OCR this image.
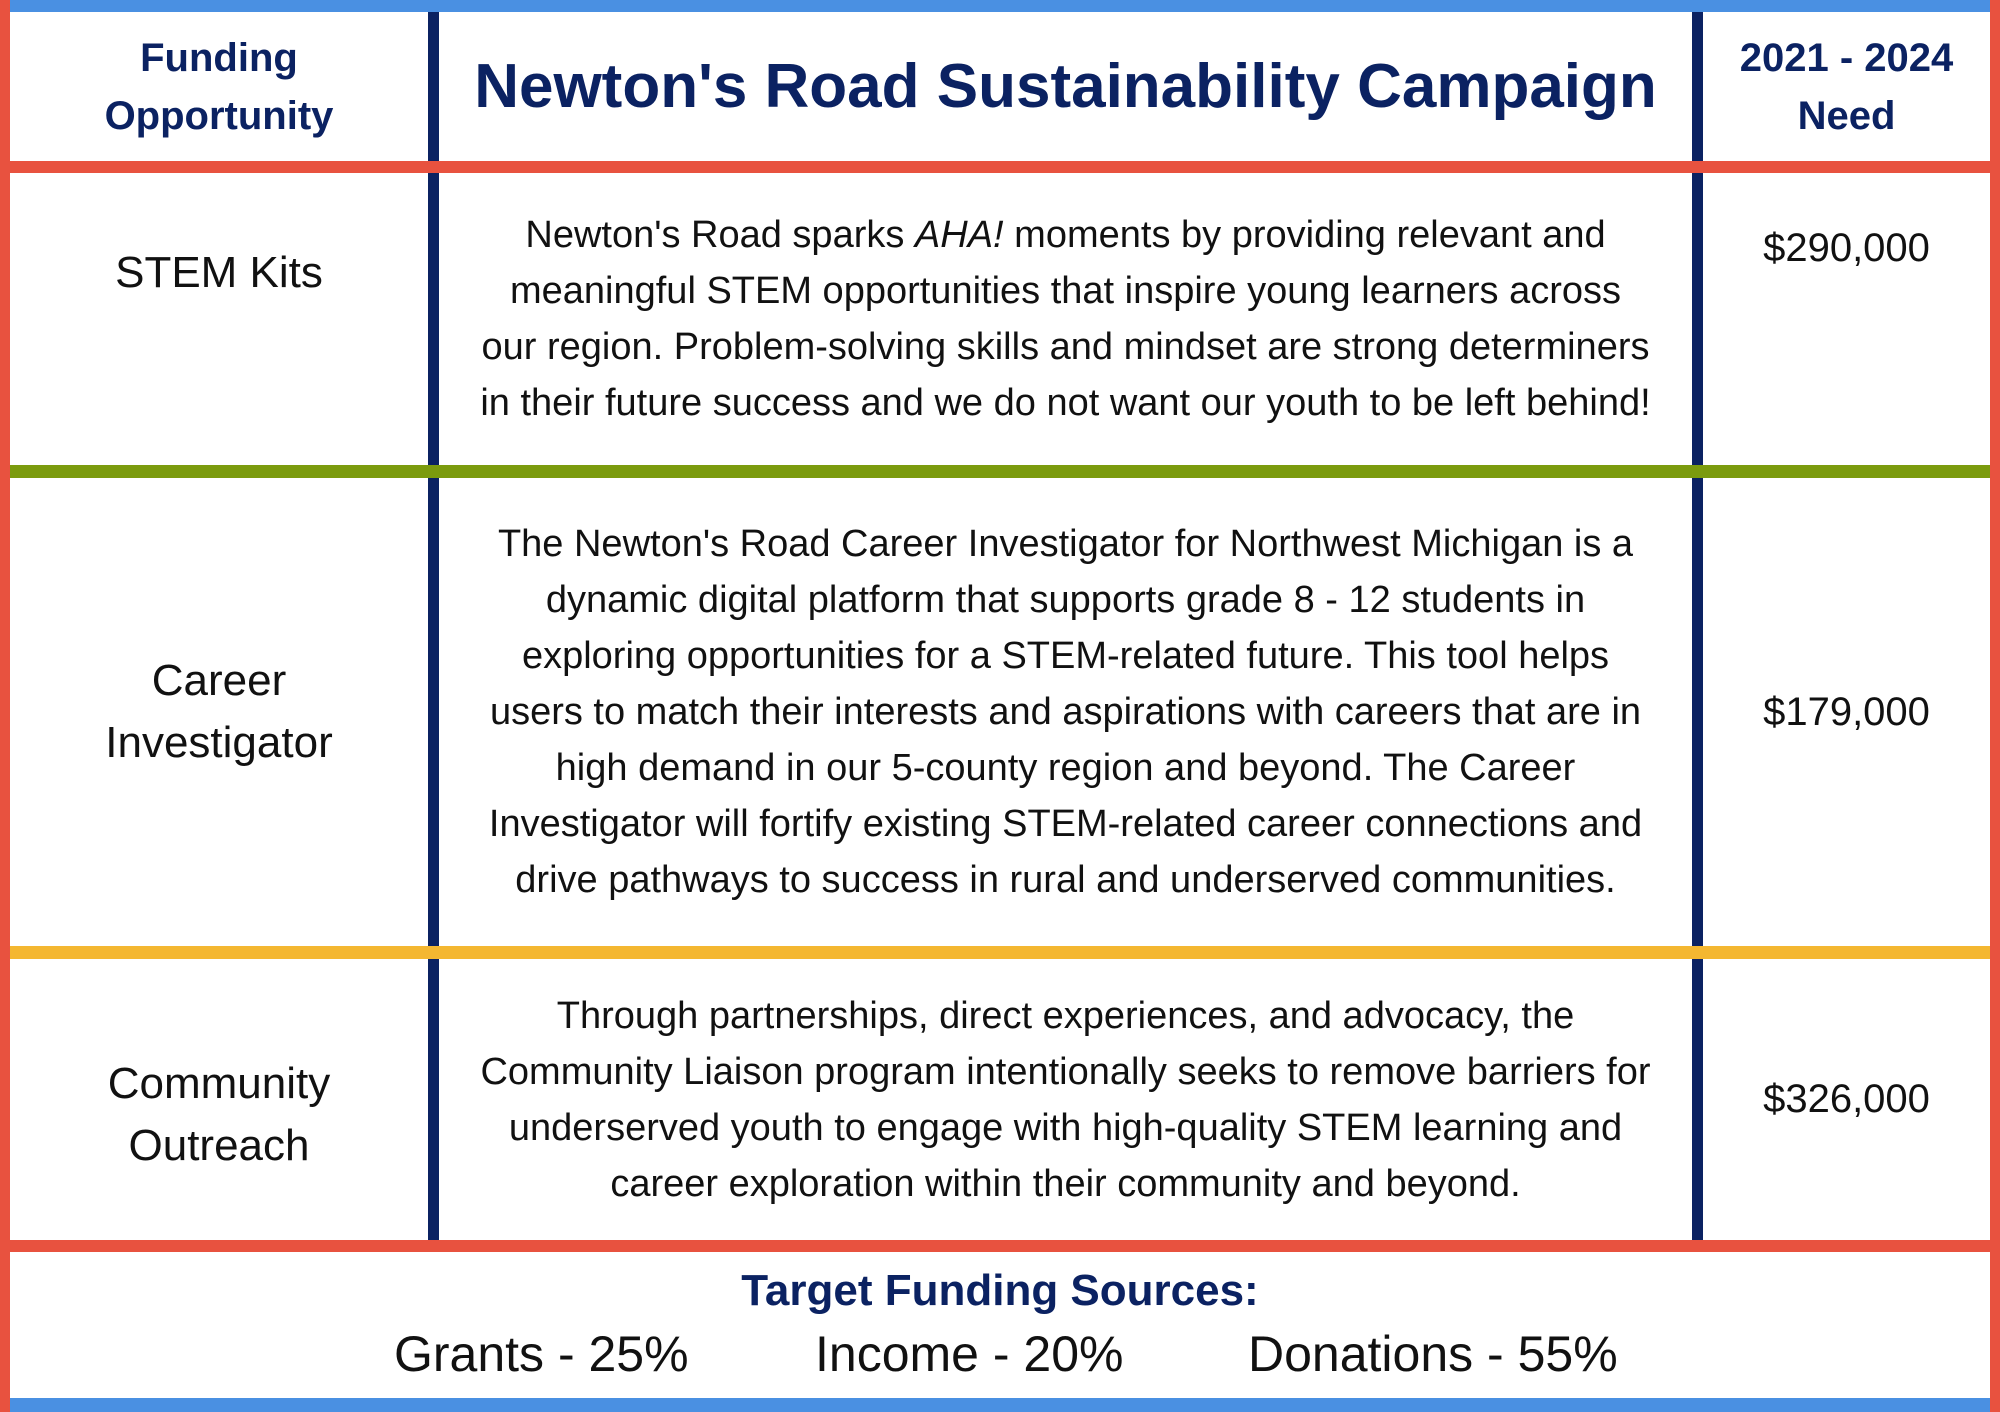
Funding
Opportunity Newton's Road Sustainability Campaign 2021 - 2024
Need
STEM Kits
Newton's Road sparks AHA! moments by providing relevant and meaningful STEM opportunities that inspire young learners across our region. Problem-solving skills and mindset are strong determiners in their future success and we do not want our youth to be left behind!
$290,000
Career
Investigator
The Newton's Road Career Investigator for Northwest Michigan is a dynamic digital platform that supports grade 8 - 12 students in exploring opportunities for a STEM-related future. This tool helps users to match their interests and aspirations with careers that are in high demand in our 5-county region and beyond. The Career Investigator will fortify existing STEM-related career connections and drive pathways to success in rural and underserved communities.
$179,000
Community
Outreach
Through partnerships, direct experiences, and advocacy, the Community Liaison program intentionally seeks to remove barriers for underserved youth to engage with high-quality STEM learning and career exploration within their community and beyond.
$326,000
Target Funding Sources:
Grants - 25%	Income - 20% Donations - 55%
